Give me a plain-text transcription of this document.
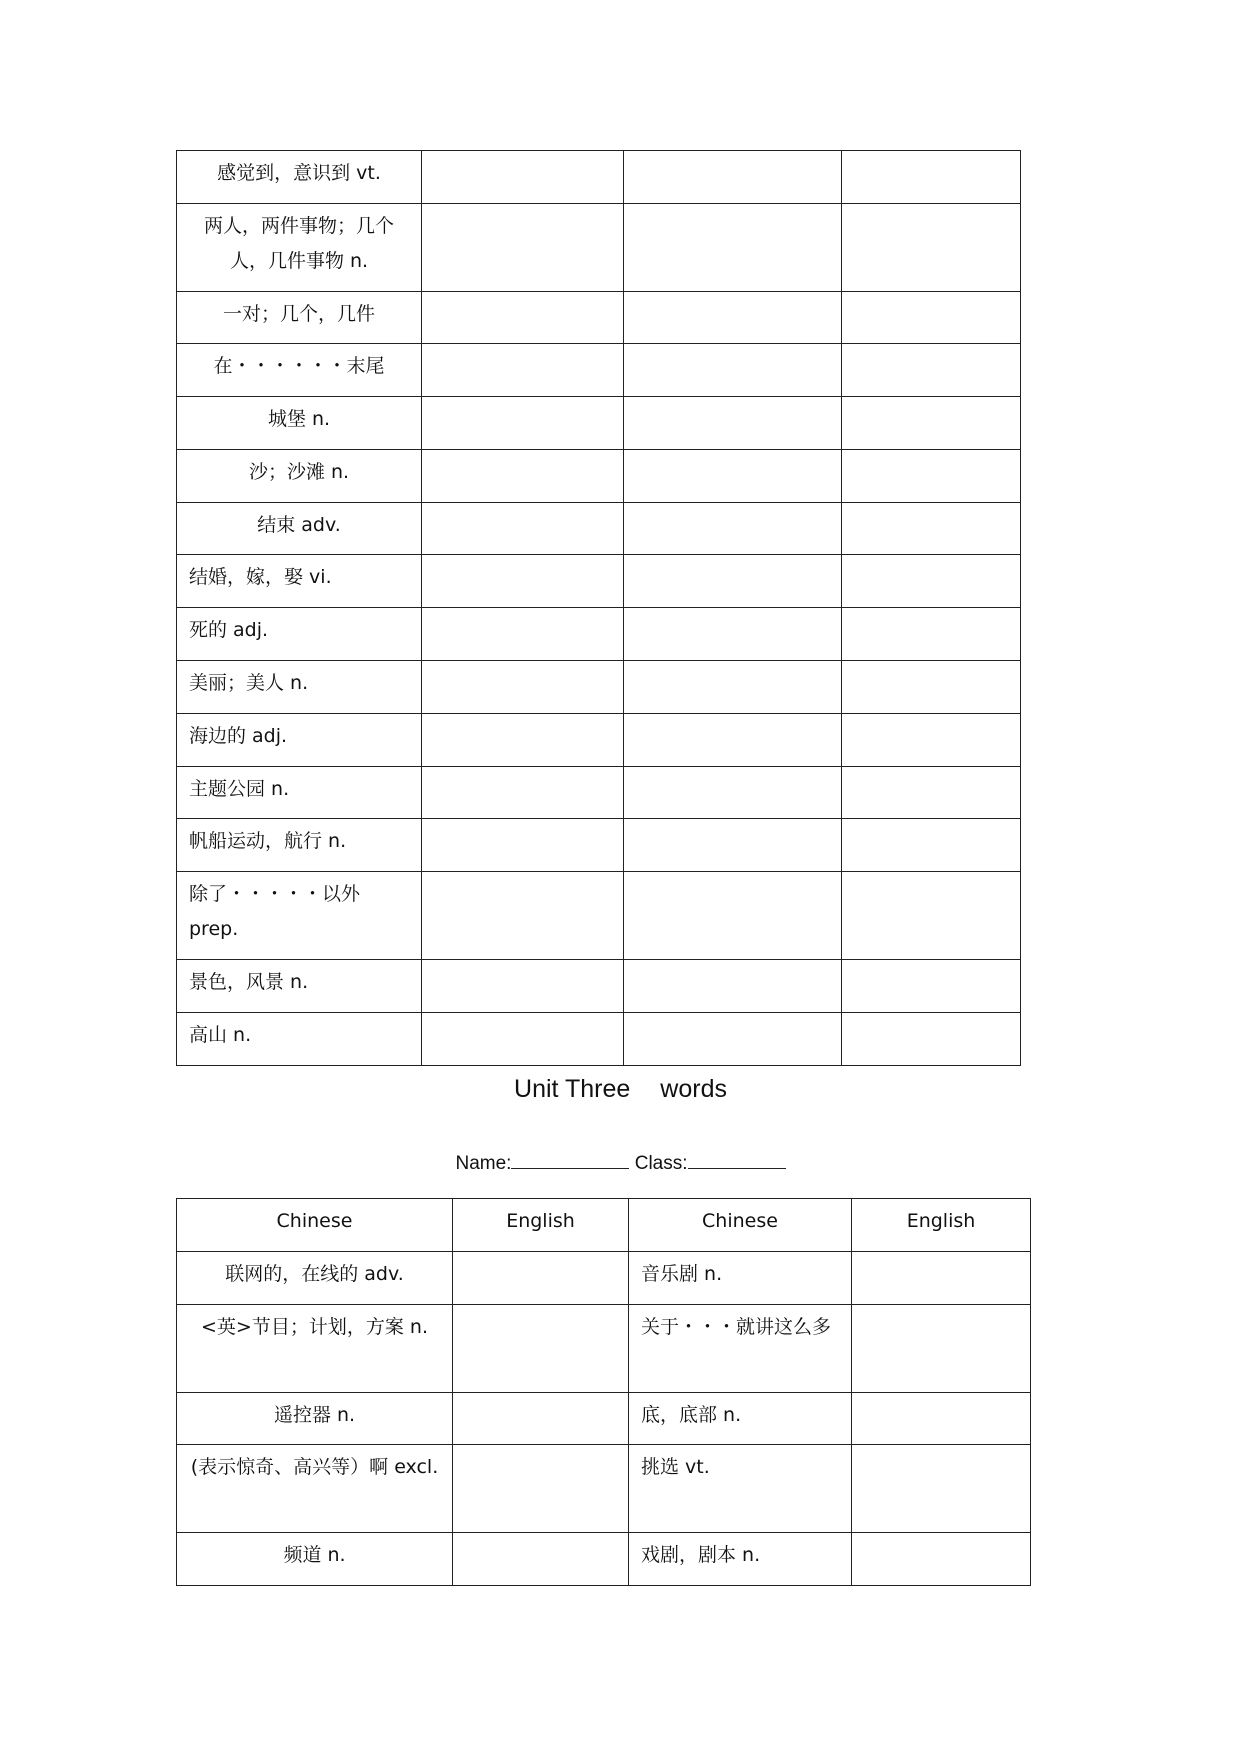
感觉到，意识到 vt.			
两人，两件事物；几个人，几件事物 n.			
一对；几个，几件			
在・・・・・・末尾			
城堡 n.			
沙；沙滩 n.			
结束 adv.			
结婚，嫁，娶 vi.			
死的 adj.			
美丽；美人 n.			
海边的 adj.			
主题公园 n.			
帆船运动，航行 n.			
除了・・・・・以外 prep.			
景色，风景 n.			
高山 n.			
Unit Three words
Name:	Class:
Chinese	English	Chinese	English
联网的，在线的 adv.		音乐剧 n.	
<英>节目；计划，方案 n.		关于・・・就讲这么多	
遥控器 n.		底，底部 n.	
(表示惊奇、高兴等）啊 excl.		挑选 vt.	
频道 n.		戏剧，剧本 n.	
